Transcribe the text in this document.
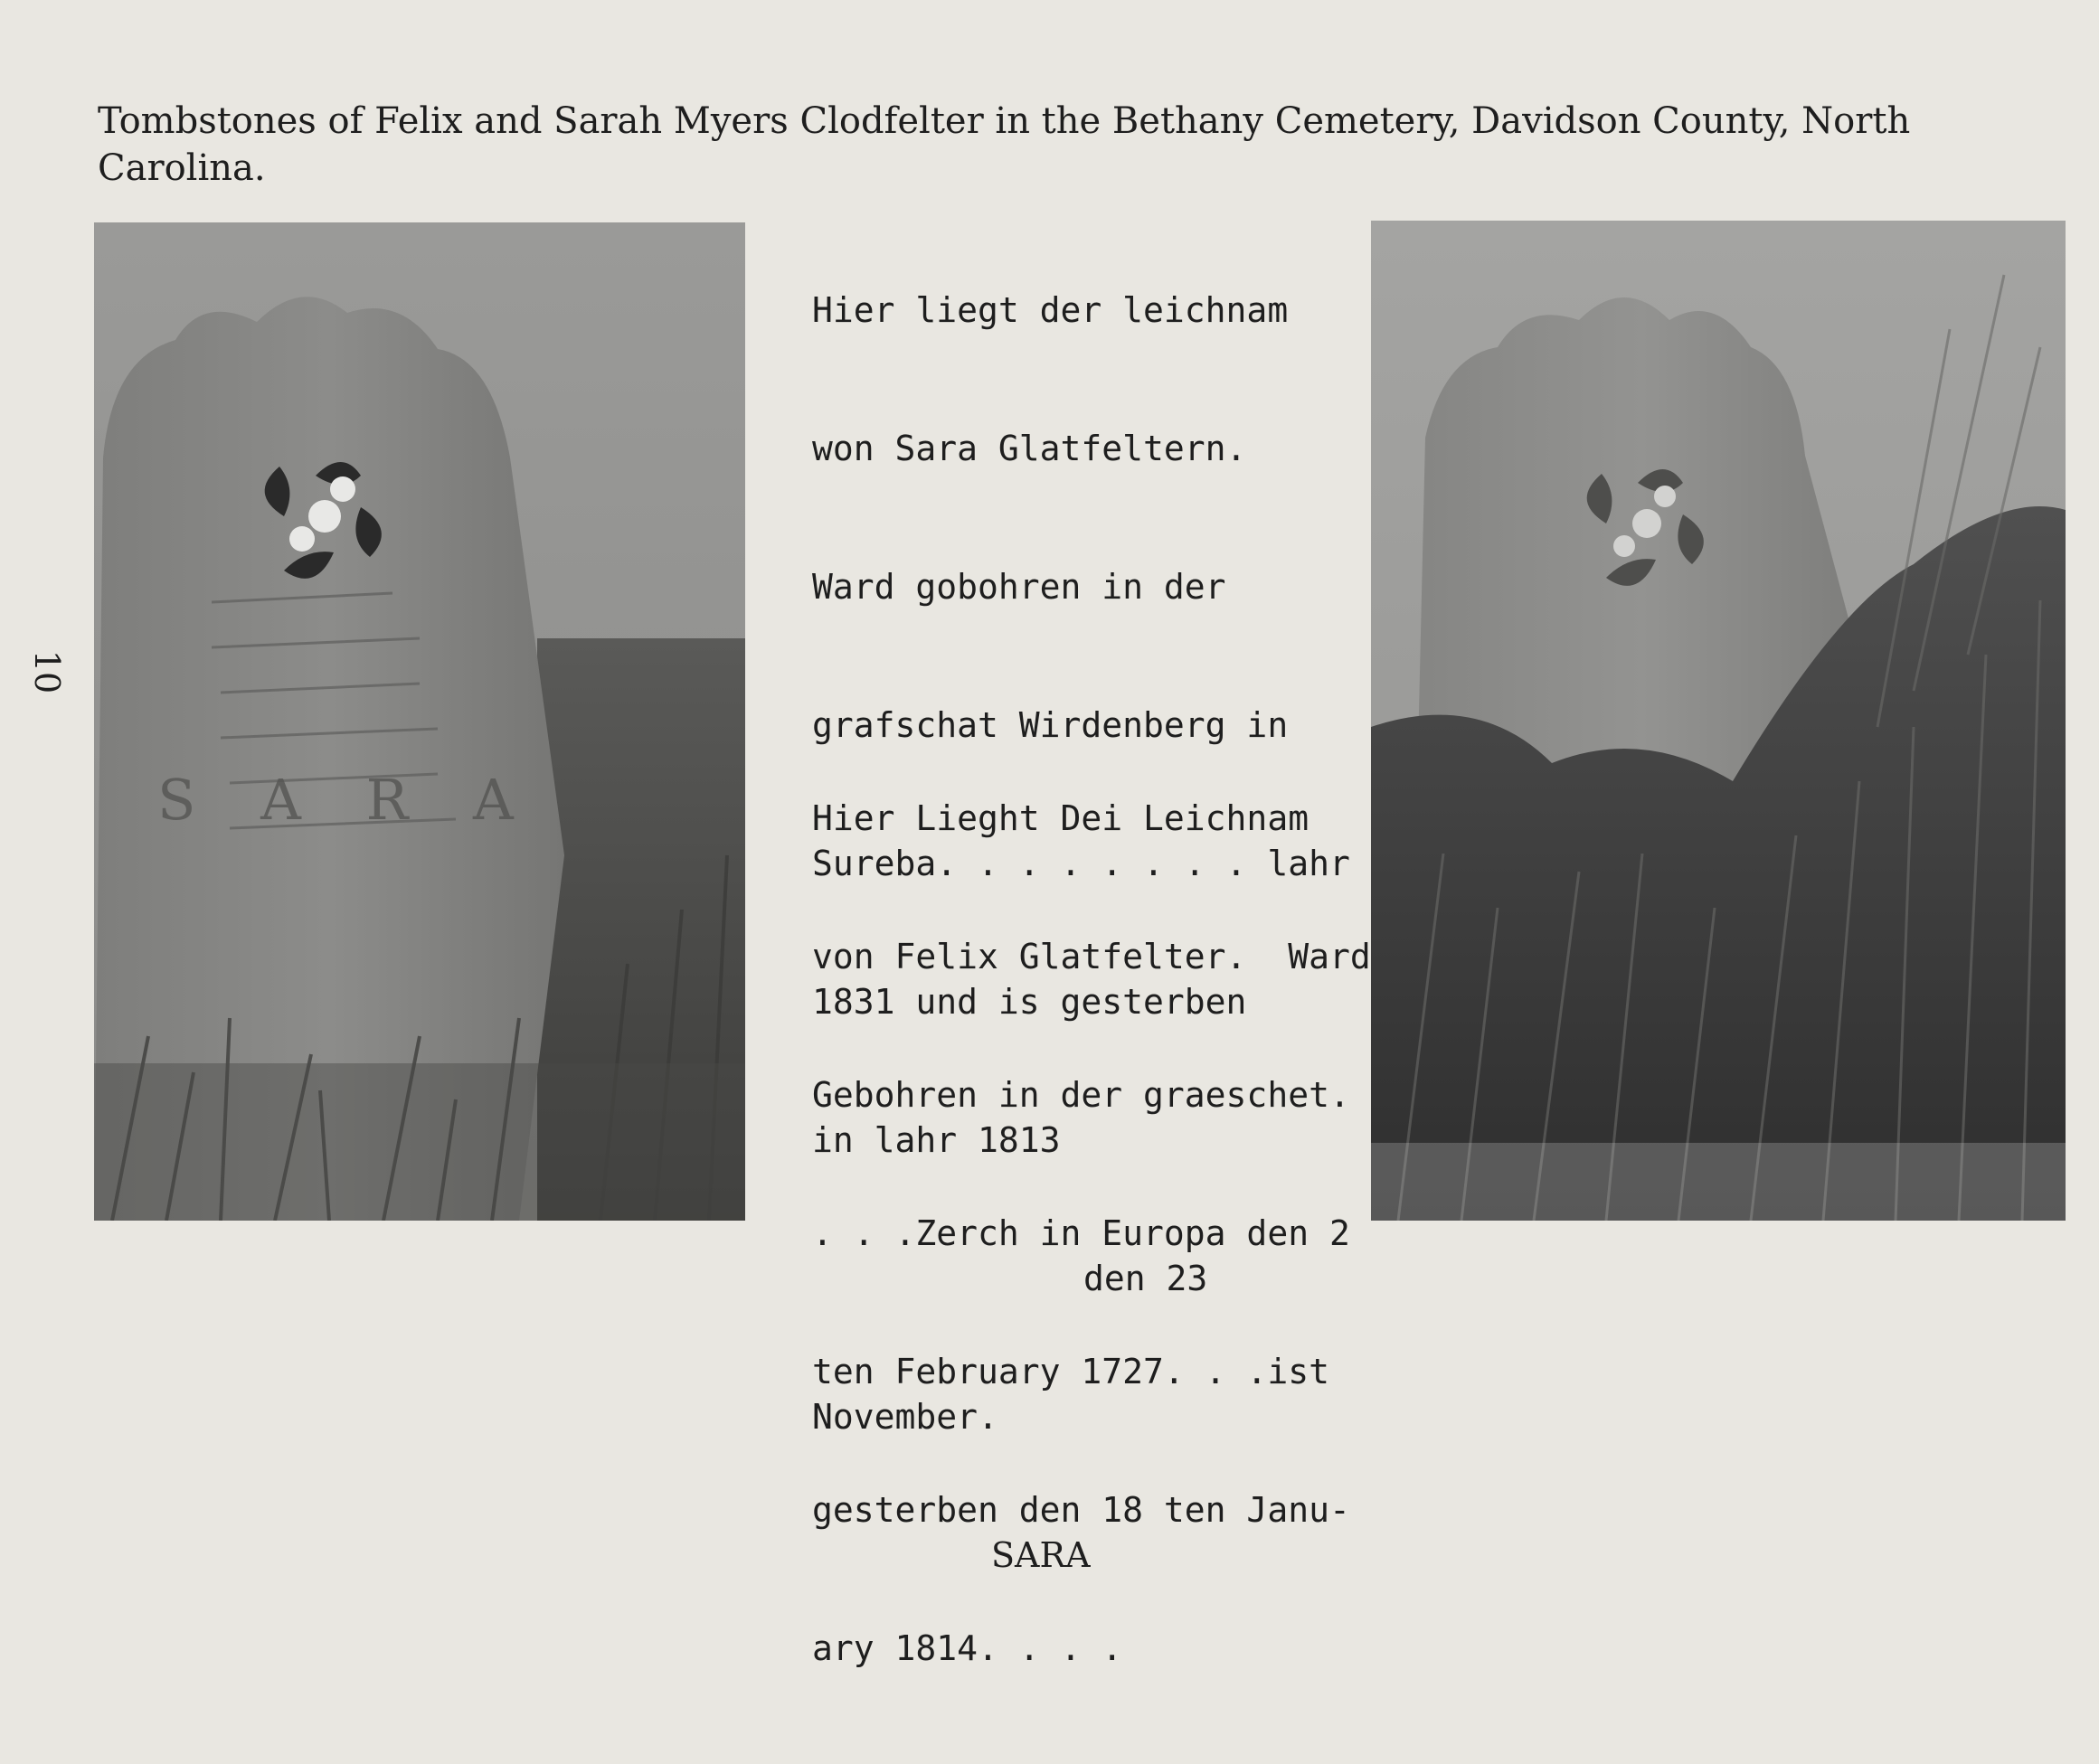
Tombstones of Felix and Sarah Myers Clodfelter in the Bethany Cemetery, Davidson County, North Carolina.

10
S A R A

Hier liegt der leichnam

won Sara Glatfeltern.

Ward gobohren in der

grafschat Wirdenberg in

Sureba. . . . . . . . lahr

1831 und is gesterben

in lahr 1813

den 23

November.

SARA

Hier Lieght Dei Leichnam

von Felix Glatfelter.  Ward

Gebohren in der graeschet.

. . .Zerch in Europa den 2

ten February 1727. . .ist

gesterben den 18 ten Janu-

ary 1814. . . .
